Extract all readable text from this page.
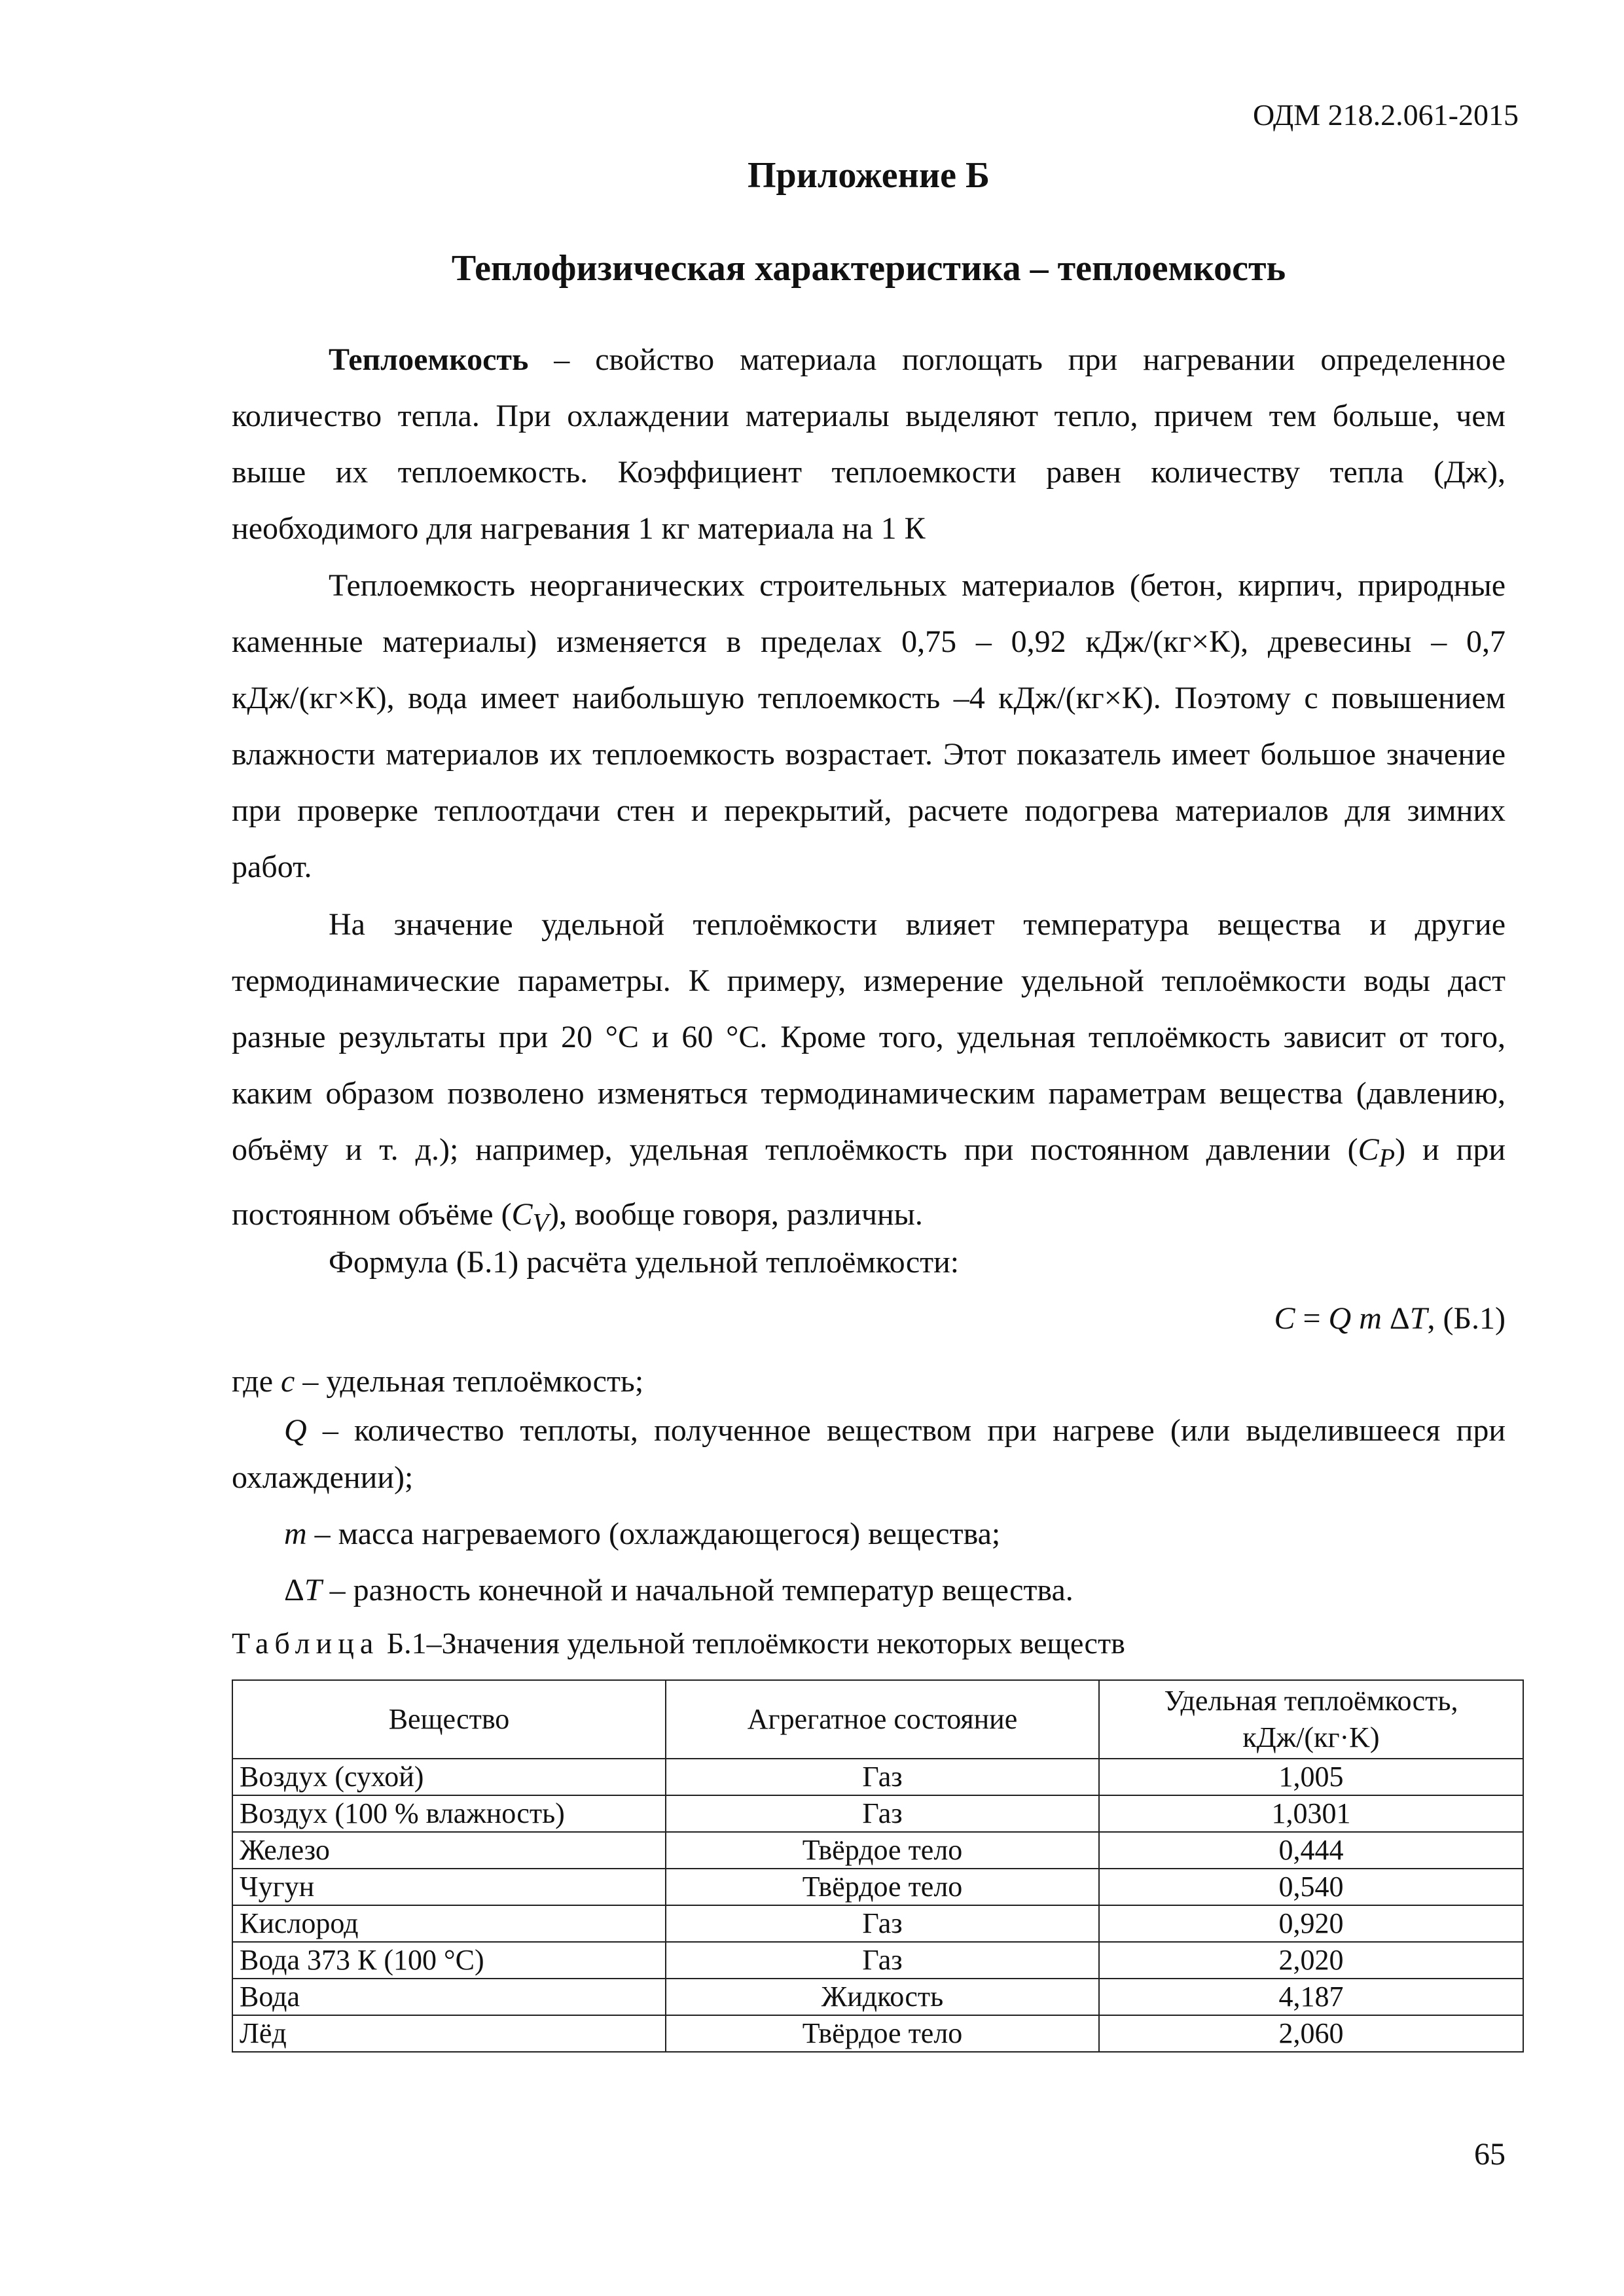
ОДМ 218.2.061-2015
Приложение Б
Теплофизическая характеристика – теплоемкость

Теплоемкость – свойство материала поглощать при нагревании определенное количество тепла. При охлаждении материалы выделяют тепло, причем тем больше, чем выше их теплоемкость. Коэффициент теплоемкости равен количеству тепла (Дж), необходимого для нагревания 1 кг материала на 1 К

Теплоемкость неорганических строительных материалов (бетон, кирпич, природные каменные материалы) изменяется в пределах 0,75 – 0,92 кДж/(кг×К), древесины – 0,7 кДж/(кг×К), вода имеет наибольшую теплоемкость –4 кДж/(кг×К). Поэтому с повышением влажности материалов их теплоемкость возрастает. Этот показатель имеет большое значение при проверке теплоотдачи стен и перекрытий, расчете подогрева материалов для зимних работ.

На значение удельной теплоёмкости влияет температура вещества и другие термодинамические параметры. К примеру, измерение удельной теплоёмкости воды даст разные результаты при 20 °С и 60 °С. Кроме того, удельная теплоёмкость зависит от того, каким образом позволено изменяться термодинамическим параметрам вещества (давлению, объёму и т. д.); например, удельная теплоёмкость при постоянном давлении $(C_P)$ и при постоянном объёме $(C_V)$, вообще говоря, различны.

Формула (Б.1) расчёта удельной теплоёмкости:

C = Q m ΔT, (Б.1)
где с – удельная теплоёмкость;

Q – количество теплоты, полученное веществом при нагреве (или выделившееся при охлаждении);

m – масса нагреваемого (охлаждающегося) вещества;

ΔT – разность конечной и начальной температур вещества.

Таблица Б.1–Значения удельной теплоёмкости некоторых веществ
Вещество	Агрегатное состояние	Удельная теплоёмкость,
кДж/(кг·K)
Воздух (сухой)	Газ	1,005
Воздух (100 % влажность)	Газ	1,0301
Железо	Твёрдое тело	0,444
Чугун	Твёрдое тело	0,540
Кислород	Газ	0,920
Вода 373 К (100 °С)	Газ	2,020
Вода	Жидкость	4,187
Лёд	Твёрдое тело	2,060
65
